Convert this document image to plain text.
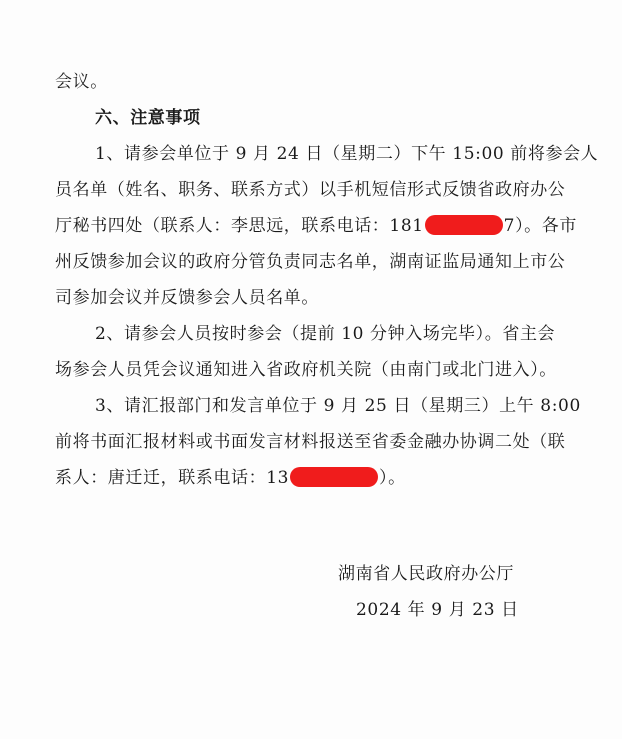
会议。
六、注意事项
1、请参会单位于 9 月 24 日（星期二）下午 15:00 前将参会人
员名单（姓名、职务、联系方式）以手机短信形式反馈省政府办公
厅秘书四处（联系人：李思远，联系电话：181	7）。各市
州反馈参加会议的政府分管负责同志名单，湖南证监局通知上市公
司参加会议并反馈参会人员名单。
2、请参会人员按时参会（提前 10 分钟入场完毕）。省主会
场参会人员凭会议通知进入省政府机关院（由南门或北门进入）。
3、请汇报部门和发言单位于 9 月 25 日（星期三）上午 8:00
前将书面汇报材料或书面发言材料报送至省委金融办协调二处（联
系人：唐迁迁，联系电话：13	）。
湖南省人民政府办公厅
2024 年 9 月 23 日
